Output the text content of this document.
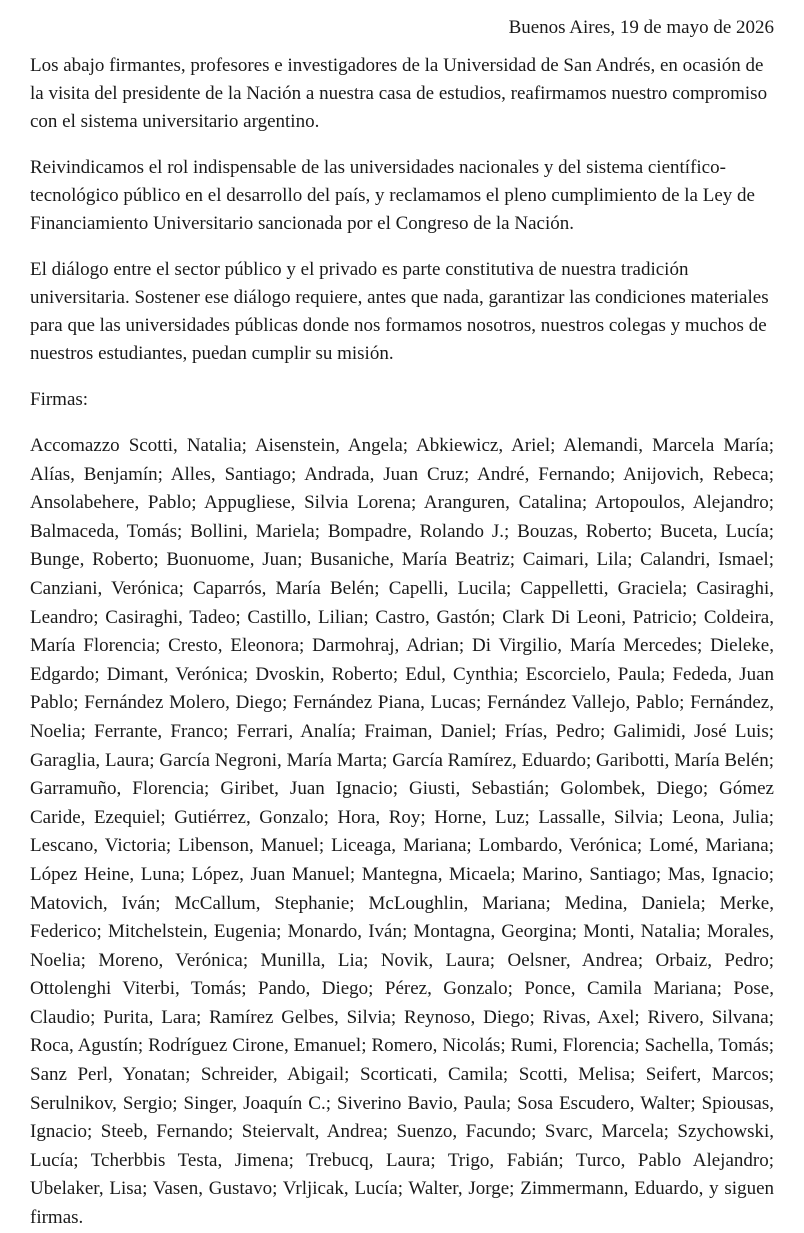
Buenos Aires, 19 de mayo de 2026

Los abajo firmantes, profesores e investigadores de la Universidad de San Andrés, en ocasión de la visita del presidente de la Nación a nuestra casa de estudios, reafirmamos nuestro compromiso con el sistema universitario argentino.

Reivindicamos el rol indispensable de las universidades nacionales y del sistema científico-tecnológico público en el desarrollo del país, y reclamamos el pleno cumplimiento de la Ley de Financiamiento Universitario sancionada por el Congreso de la Nación.

El diálogo entre el sector público y el privado es parte constitutiva de nuestra tradición universitaria. Sostener ese diálogo requiere, antes que nada, garantizar las condiciones materiales para que las universidades públicas donde nos formamos nosotros, nuestros colegas y muchos de nuestros estudiantes, puedan cumplir su misión.

Firmas:

Accomazzo Scotti, Natalia; Aisenstein, Angela; Abkiewicz, Ariel; Alemandi, Marcela María; Alías, Benjamín; Alles, Santiago; Andrada, Juan Cruz; André, Fernando; Anijovich, Rebeca; Ansolabehere, Pablo; Appugliese, Silvia Lorena; Aranguren, Catalina; Artopoulos, Alejandro; Balmaceda, Tomás; Bollini, Mariela; Bompadre, Rolando J.; Bouzas, Roberto; Buceta, Lucía; Bunge, Roberto; Buonuome, Juan; Busaniche, María Beatriz; Caimari, Lila; Calandri, Ismael; Canziani, Verónica; Caparrós, María Belén; Capelli, Lucila; Cappelletti, Graciela; Casiraghi, Leandro; Casiraghi, Tadeo; Castillo, Lilian; Castro, Gastón; Clark Di Leoni, Patricio; Coldeira, María Florencia; Cresto, Eleonora; Darmohraj, Adrian; Di Virgilio, María Mercedes; Dieleke, Edgardo; Dimant, Verónica; Dvoskin, Roberto; Edul, Cynthia; Escorcielo, Paula; Fededa, Juan Pablo; Fernández Molero, Diego; Fernández Piana, Lucas; Fernández Vallejo, Pablo; Fernández, Noelia; Ferrante, Franco; Ferrari, Analía; Fraiman, Daniel; Frías, Pedro; Galimidi, José Luis; Garaglia, Laura; García Negroni, María Marta; García Ramírez, Eduardo; Garibotti, María Belén; Garramuño, Florencia; Giribet, Juan Ignacio; Giusti, Sebastián; Golombek, Diego; Gómez Caride, Ezequiel; Gutiérrez, Gonzalo; Hora, Roy; Horne, Luz; Lassalle, Silvia; Leona, Julia; Lescano, Victoria; Libenson, Manuel; Liceaga, Mariana; Lombardo, Verónica; Lomé, Mariana; López Heine, Luna; López, Juan Manuel; Mantegna, Micaela; Marino, Santiago; Mas, Ignacio; Matovich, Iván; McCallum, Stephanie; McLoughlin, Mariana; Medina, Daniela; Merke, Federico; Mitchelstein, Eugenia; Monardo, Iván; Montagna, Georgina; Monti, Natalia; Morales, Noelia; Moreno, Verónica; Munilla, Lia; Novik, Laura; Oelsner, Andrea; Orbaiz, Pedro; Ottolenghi Viterbi, Tomás; Pando, Diego; Pérez, Gonzalo; Ponce, Camila Mariana; Pose, Claudio; Purita, Lara; Ramírez Gelbes, Silvia; Reynoso, Diego; Rivas, Axel; Rivero, Silvana; Roca, Agustín; Rodríguez Cirone, Emanuel; Romero, Nicolás; Rumi, Florencia; Sachella, Tomás; Sanz Perl, Yonatan; Schreider, Abigail; Scorticati, Camila; Scotti, Melisa; Seifert, Marcos; Serulnikov, Sergio; Singer, Joaquín C.; Siverino Bavio, Paula; Sosa Escudero, Walter; Spiousas, Ignacio; Steeb, Fernando; Steiervalt, Andrea; Suenzo, Facundo; Svarc, Marcela; Szychowski, Lucía; Tcherbbis Testa, Jimena; Trebucq, Laura; Trigo, Fabián; Turco, Pablo Alejandro; Ubelaker, Lisa; Vasen, Gustavo; Vrljicak, Lucía; Walter, Jorge; Zimmermann, Eduardo, y siguen firmas.
